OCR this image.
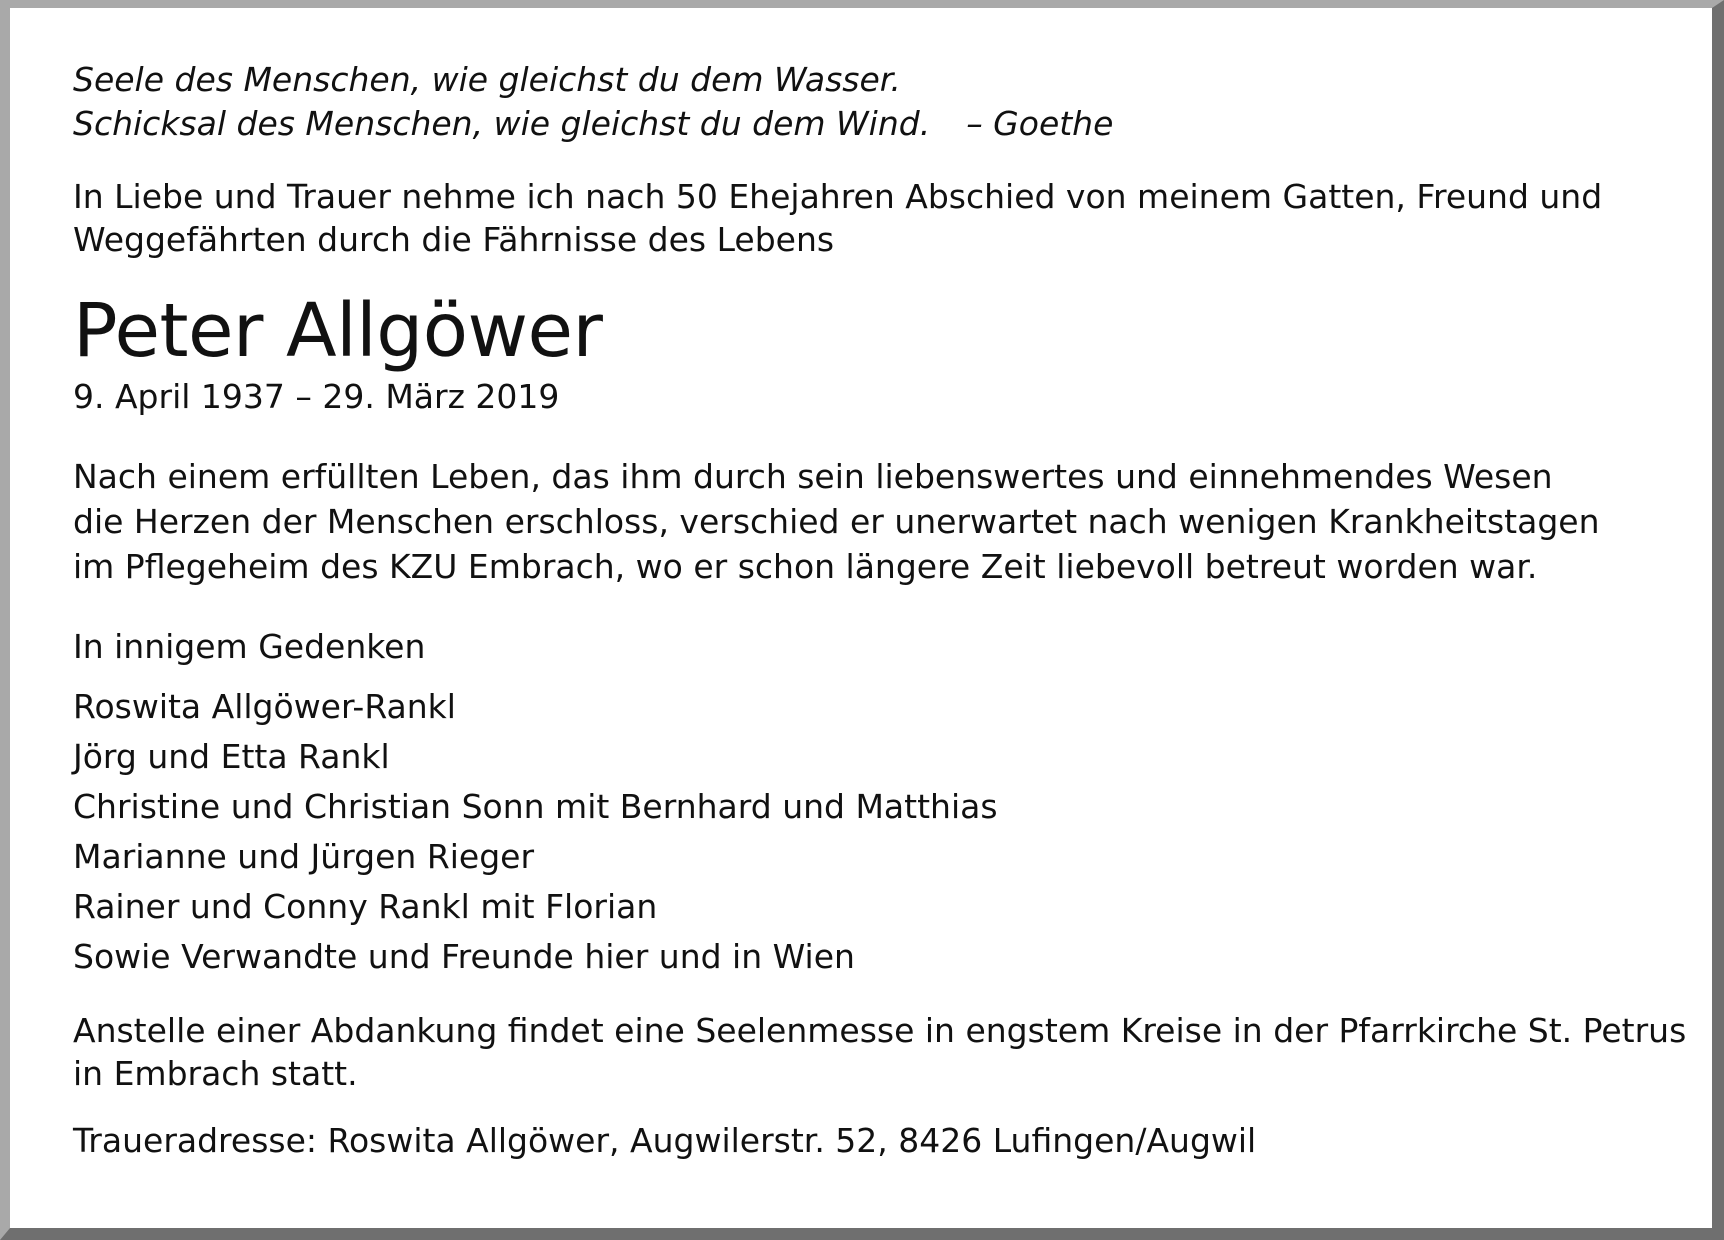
Seele des Menschen, wie gleichst du dem Wasser.
Schicksal des Menschen, wie gleichst du dem Wind. – Goethe

In Liebe und Trauer nehme ich nach 50 Ehejahren Abschied von meinem Gatten, Freund und Weggefährten durch die Fährnisse des Lebens

Peter Allgöwer

9. April 1937 – 29. März 2019

Nach einem erfüllten Leben, das ihm durch sein liebenswertes und einnehmendes Wesen
die Herzen der Menschen erschloss, verschied er unerwartet nach wenigen Krankheitstagen
im Pflegeheim des KZU Embrach, wo er schon längere Zeit liebevoll betreut worden war.

In innigem Gedenken

Roswita Allgöwer-Rankl
Jörg und Etta Rankl
Christine und Christian Sonn mit Bernhard und Matthias
Marianne und Jürgen Rieger
Rainer und Conny Rankl mit Florian
Sowie Verwandte und Freunde hier und in Wien

Anstelle einer Abdankung findet eine Seelenmesse in engstem Kreise in der Pfarrkirche St. Petrus
in Embrach statt.

Traueradresse: Roswita Allgöwer, Augwilerstr. 52, 8426 Lufingen/Augwil
